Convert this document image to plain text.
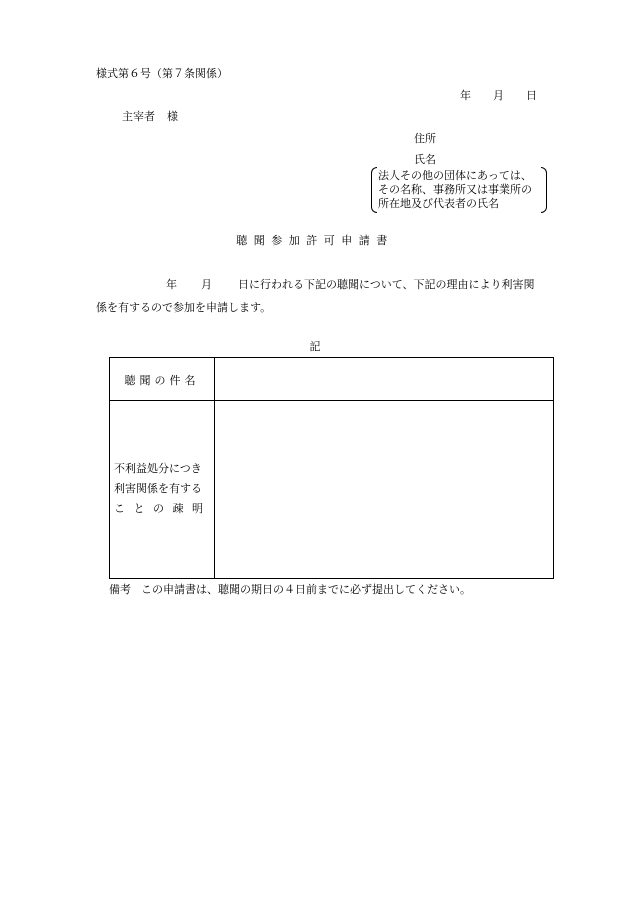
様式第６号（第７条関係）
年 月 日
主宰者 様
住所
氏名
法人その他の団体にあっては、
その名称、事務所又は事業所の
所在地及び代表者の氏名
聴聞参加許可申請書
年 月 日に行われる下記の聴聞について、下記の理由により利害関
係を有するので参加を申請します。
記
聴聞の件名
不利益処分につき
利害関係を有する
ことの疎明
備考 この申請書は、聴聞の期日の４日前までに必ず提出してください。
